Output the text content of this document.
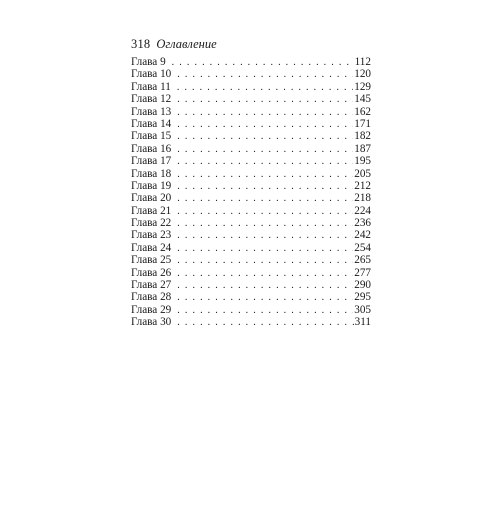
318 Оглавление
Глава 9 . . .	112
Глава 10 . . .	120
Глава 11 . . .	129
Глава 12 . . .	145
Глава 13 . . .	162
Глава 14 . . .	171
Глава 15 . . .	182
Глава 16 . . .	187
Глава 17 . . .	195
Глава 18 . . .	205
Глава 19 . . .	212
Глава 20 . . .	218
Глава 21 . . .	224
Глава 22 . . .	236
Глава 23 . . .	242
Глава 24 . . .	254
Глава 25 . . .	265
Глава 26 . . .	277
Глава 27 . . .	290
Глава 28 . . .	295
Глава 29 . . .	305
Глава 30 . . .	311
